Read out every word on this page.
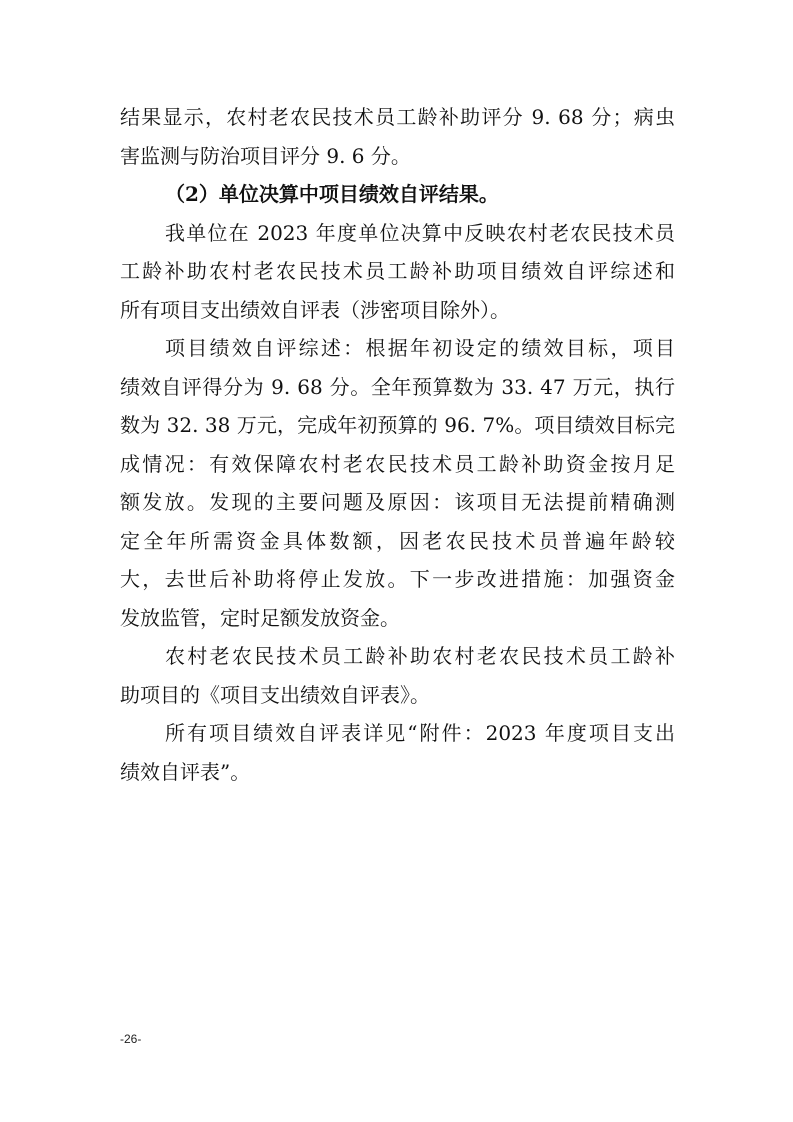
结果显示，农村老农民技术员工龄补助评分 9. 68 分；病虫
害监测与防治项目评分 9. 6 分。
（2）单位决算中项目绩效自评结果。
我单位在 2023 年度单位决算中反映农村老农民技术员
工龄补助农村老农民技术员工龄补助项目绩效自评综述和
所有项目支出绩效自评表（涉密项目除外）。
项目绩效自评综述：根据年初设定的绩效目标，项目
绩效自评得分为 9. 68 分。全年预算数为 33. 47 万元，执行
数为 32. 38 万元，完成年初预算的 96. 7%。项目绩效目标完
成情况：有效保障农村老农民技术员工龄补助资金按月足
额发放。发现的主要问题及原因：该项目无法提前精确测
定全年所需资金具体数额，因老农民技术员普遍年龄较
大，去世后补助将停止发放。下一步改进措施：加强资金
发放监管，定时足额发放资金。
农村老农民技术员工龄补助农村老农民技术员工龄补
助项目的《项目支出绩效自评表》。
所有项目绩效自评表详见“附件：2023 年度项目支出
绩效自评表”。
-26-
